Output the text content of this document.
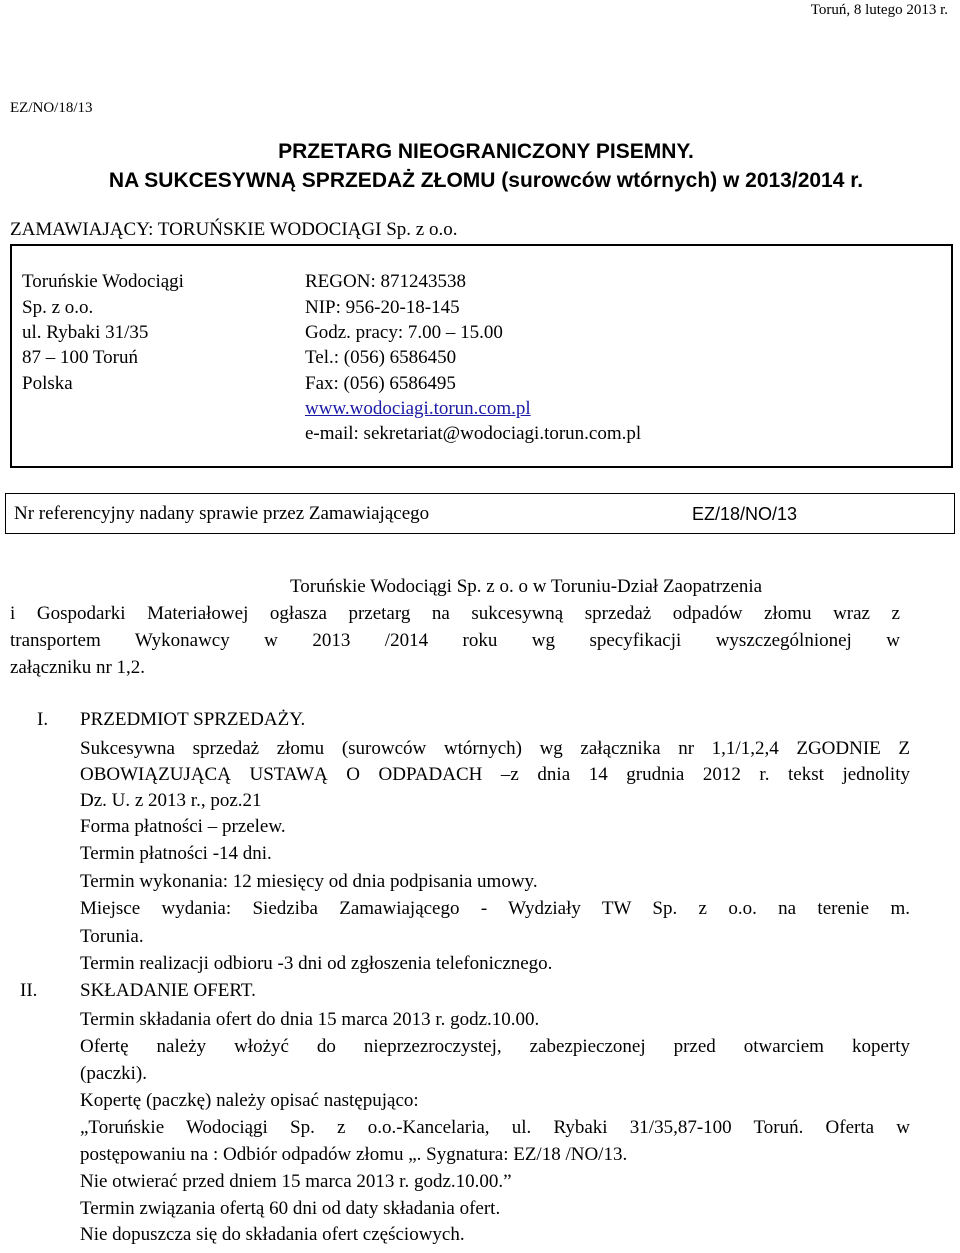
Toruń, 8 lutego 2013 r.
EZ/NO/18/13
PRZETARG NIEOGRANICZONY PISEMNY.
NA SUKCESYWNĄ SPRZEDAŻ ZŁOMU (surowców wtórnych) w 2013/2014 r.
ZAMAWIAJĄCY: TORUŃSKIE WODOCIĄGI Sp. z o.o.
Toruńskie Wodociągi
Sp. z o.o.
ul. Rybaki 31/35
87 – 100 Toruń
Polska
REGON: 871243538
NIP: 956-20-18-145
Godz. pracy: 7.00 – 15.00
Tel.: (056) 6586450
Fax: (056) 6586495
www.wodociagi.torun.com.pl
e-mail: sekretariat@wodociagi.torun.com.pl
Nr referencyjny nadany sprawie przez Zamawiającego	EZ/18/NO/13
Toruńskie Wodociągi Sp. z o. o w Toruniu-Dział Zaopatrzenia
i Gospodarki Materiałowej ogłasza przetarg na sukcesywną sprzedaż odpadów złomu wraz z
transportem Wykonawcy w 2013 /2014 roku wg specyfikacji wyszczególnionej w
załączniku nr 1,2.
I. PRZEDMIOT SPRZEDAŻY.
Sukcesywna sprzedaż złomu (surowców wtórnych) wg załącznika nr 1,1/1,2,4 ZGODNIE Z
OBOWIĄZUJĄCĄ USTAWĄ O ODPADACH –z dnia 14 grudnia 2012 r. tekst jednolity
Dz. U. z 2013 r., poz.21
Forma płatności – przelew.
Termin płatności -14 dni.
Termin wykonania: 12 miesięcy od dnia podpisania umowy.
Miejsce wydania: Siedziba Zamawiającego - Wydziały TW Sp. z o.o. na terenie m.
Torunia.
Termin realizacji odbioru -3 dni od zgłoszenia telefonicznego.
II. SKŁADANIE OFERT.
Termin składania ofert do dnia 15 marca 2013 r. godz.10.00.
Ofertę należy włożyć do nieprzezroczystej, zabezpieczonej przed otwarciem koperty
(paczki).
Kopertę (paczkę) należy opisać następująco:
„Toruńskie Wodociągi Sp. z o.o.-Kancelaria, ul. Rybaki 31/35,87-100 Toruń. Oferta w
postępowaniu na : Odbiór odpadów złomu „. Sygnatura: EZ/18 /NO/13.
Nie otwierać przed dniem 15 marca 2013 r. godz.10.00.”
Termin związania ofertą 60 dni od daty składania ofert.
Nie dopuszcza się do składania ofert częściowych.
